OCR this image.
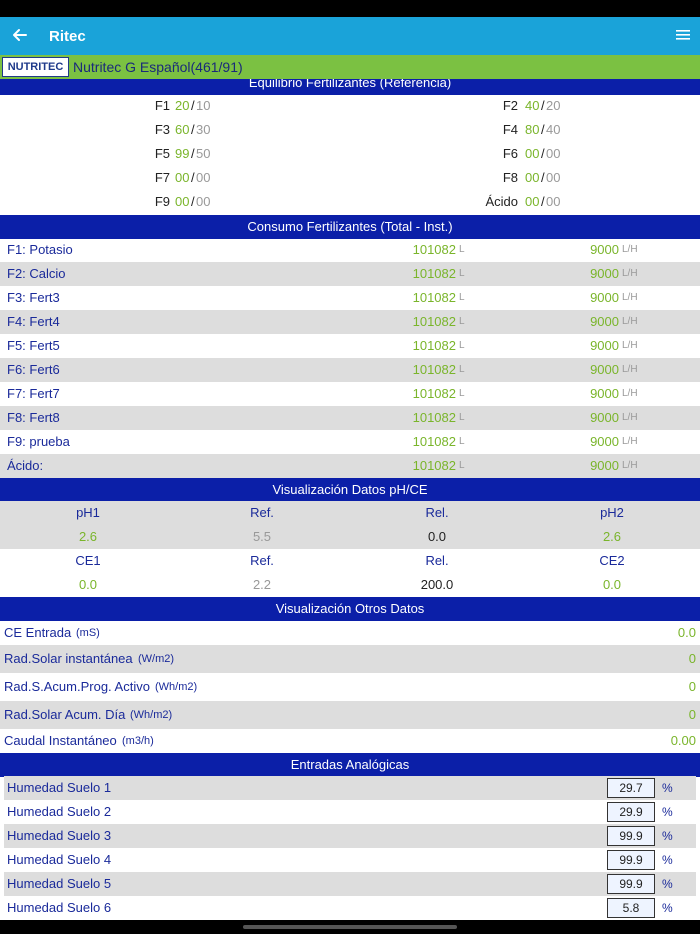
Ritec
NUTRITEC Nutritec G Español(461/91)
Equilibrio Fertilizantes (Referencia)
F1 20 / 10	F2 40 / 20
F3 60 / 30	F4 80 / 40
F5 99 / 50	F6 00 / 00
F7 00 / 00	F8 00 / 00
F9 00 / 00	Ácido 00 / 00
Consumo Fertilizantes (Total - Inst.)
F1: Potasio	101082 L	9000 L/H
F2: Calcio	101082 L	9000 L/H
F3: Fert3	101082 L	9000 L/H
F4: Fert4	101082 L	9000 L/H
F5: Fert5	101082 L	9000 L/H
F6: Fert6	101082 L	9000 L/H
F7: Fert7	101082 L	9000 L/H
F8: Fert8	101082 L	9000 L/H
F9: prueba	101082 L	9000 L/H
Ácido:	101082 L	9000 L/H
Visualización Datos pH/CE
pH1	Ref.	Rel.	pH2
2.6	5.5	0.0	2.6
CE1	Ref.	Rel.	CE2
0.0	2.2	200.0	0.0
Visualización Otros Datos
CE Entrada (mS)	0.0
Rad.Solar instantánea (W/m2)	0
Rad.S.Acum.Prog. Activo (Wh/m2)	0
Rad.Solar Acum. Día (Wh/m2)	0
Caudal Instantáneo (m3/h)	0.00
Entradas Analógicas
Humedad Suelo 1	29.7	%
Humedad Suelo 2	29.9	%
Humedad Suelo 3	99.9	%
Humedad Suelo 4	99.9	%
Humedad Suelo 5	99.9	%
Humedad Suelo 6	5.8	%
